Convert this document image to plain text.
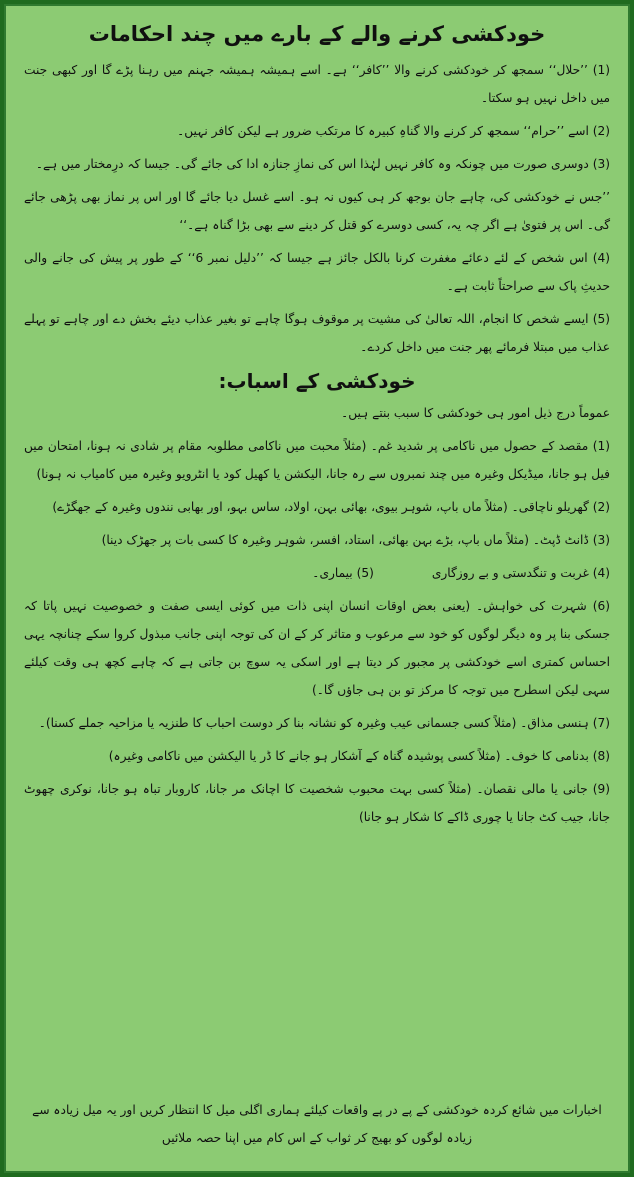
خودکشی کرنے والے کے بارے میں چند احکامات

(1) ’’حلال‘‘ سمجھ کر خودکشی کرنے والا ’’کافر‘‘ ہے۔ اسے ہمیشہ ہمیشہ جہنم میں رہنا پڑے گا اور کبھی جنت میں داخل نہیں ہو سکتا۔

(2) اسے ’’حرام‘‘ سمجھ کر کرنے والا گناہِ کبیرہ کا مرتکب ضرور ہے لیکن کافر نہیں۔

(3) دوسری صورت میں چونکہ وہ کافر نہیں لہٰذا اس کی نمازِ جنازہ ادا کی جائے گی۔ جیسا کہ درِمختار میں ہے۔

’’جس نے خودکشی کی، چاہے جان بوجھ کر ہی کیوں نہ ہو۔ اسے غسل دیا جائے گا اور اس پر نماز بھی پڑھی جائے گی۔ اس پر فتویٰ ہے اگر چہ یہ، کسی دوسرے کو قتل کر دینے سے بھی بڑا گناہ ہے۔‘‘

(4) اس شخص کے لئے دعائے مغفرت کرنا بالکل جائز ہے جیسا کہ ’’دلیل نمبر 6‘‘ کے طور پر پیش کی جانے والی حدیثِ پاک سے صراحتاً ثابت ہے۔

(5) ایسے شخص کا انجام، اللہ تعالیٰ کی مشیت پر موقوف ہوگا چاہے تو بغیر عذاب دیئے بخش دے اور چاہے تو پہلے عذاب میں مبتلا فرمائے پھر جنت میں داخل کردے۔

خودکشی کے اسباب:

عموماً درج ذیل امور ہی خودکشی کا سبب بنتے ہیں۔

(1) مقصد کے حصول میں ناکامی پر شدید غم۔ (مثلاً محبت میں ناکامی مطلوبہ مقام پر شادی نہ ہونا، امتحان میں فیل ہو جانا، میڈیکل وغیرہ میں چند نمبروں سے رہ جانا، الیکشن یا کھیل کود یا انٹرویو وغیرہ میں کامیاب نہ ہونا)

(2) گھریلو ناچاقی۔ (مثلاً ماں باپ، شوہر بیوی، بھائی بہن، اولاد، ساس بہو، اور بھابی نندوں وغیرہ کے جھگڑے)

(3) ڈانٹ ڈپٹ۔ (مثلاً ماں باپ، بڑے بہن بھائی، استاد، افسر، شوہر وغیرہ کا کسی بات پر جھڑک دینا)

(4) غربت و تنگدستی و بے روزگاری
(5) بیماری۔

(6) شہرت کی خواہش۔ (یعنی بعض اوقات انسان اپنی ذات میں کوئی ایسی صفت و خصوصیت نہیں پاتا کہ جسکی بنا پر وہ دیگر لوگوں کو خود سے مرعوب و متاثر کر کے ان کی توجہ اپنی جانب مبذول کروا سکے چنانچہ یہی احساس کمتری اسے خودکشی پر مجبور کر دیتا ہے اور اسکی یہ سوچ بن جاتی ہے کہ چاہے کچھ ہی وقت کیلئے سہی لیکن اسطرح میں توجہ کا مرکز تو بن ہی جاؤں گا۔)

(7) ہنسی مذاق۔ (مثلاً کسی جسمانی عیب وغیرہ کو نشانہ بنا کر دوست احباب کا طنزیہ یا مزاحیہ جملے کسنا)۔

(8) بدنامی کا خوف۔ (مثلاً کسی پوشیدہ گناہ کے آشکار ہو جانے کا ڈر یا الیکشن میں ناکامی وغیرہ)

(9) جانی یا مالی نقصان۔ (مثلاً کسی بہت محبوب شخصیت کا اچانک مر جانا، کاروبار تباہ ہو جانا، نوکری چھوٹ جانا، جیب کٹ جانا یا چوری ڈاکے کا شکار ہو جانا)

اخبارات میں شائع کردہ خودکشی کے پے در پے واقعات کیلئے ہماری اگلی میل کا انتظار کریں اور یہ میل زیادہ سے زیادہ لوگوں کو بھیج کر ثواب کے اس کام میں اپنا حصہ ملائیں
